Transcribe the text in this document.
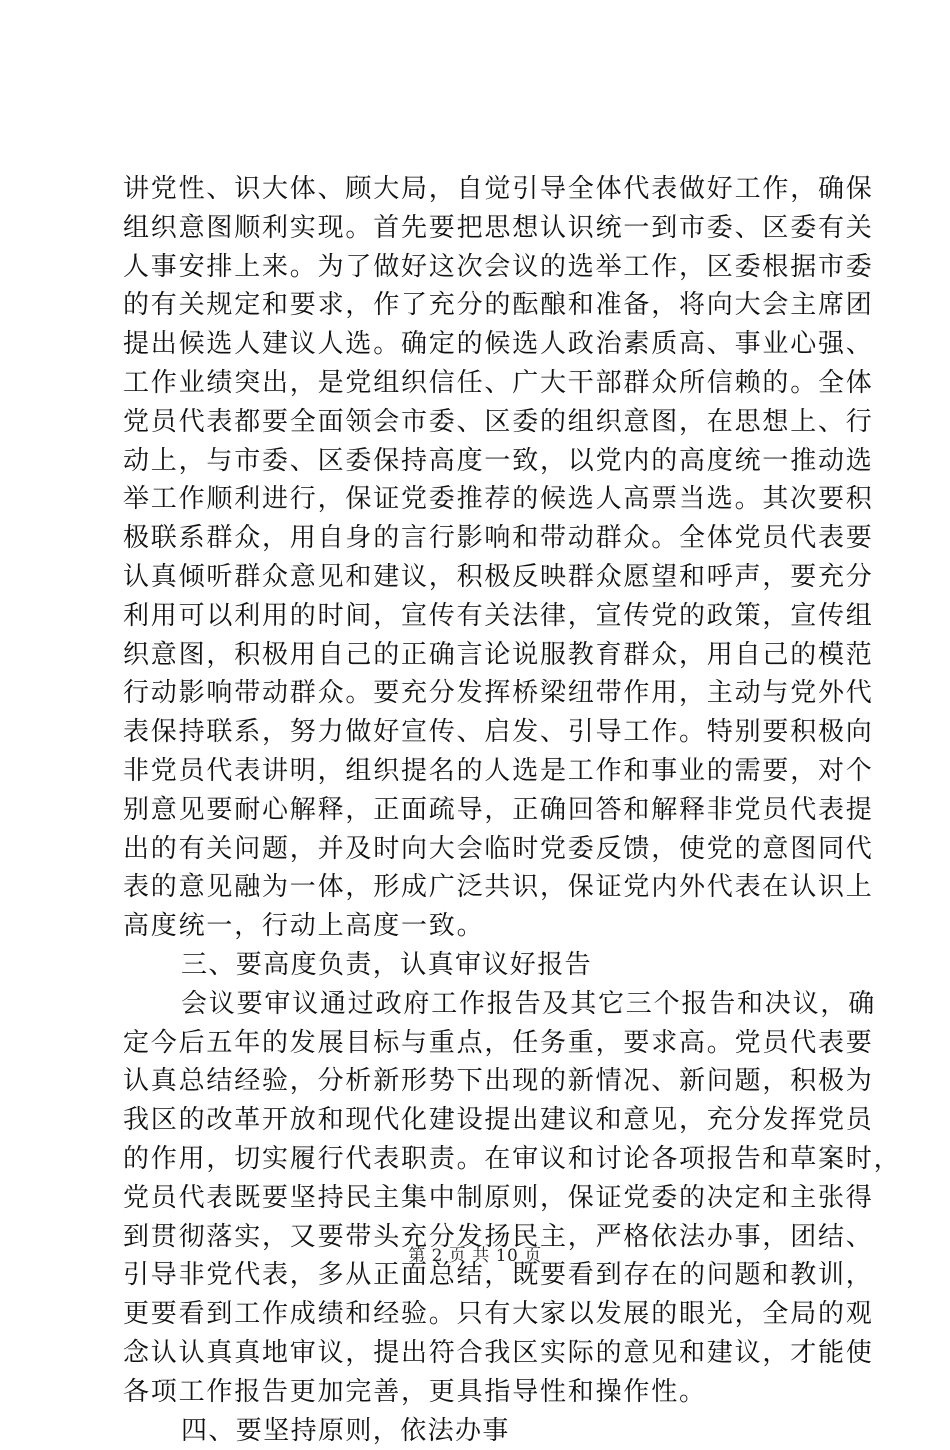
讲党性、识大体、顾大局，自觉引导全体代表做好工作，确保
组织意图顺利实现。首先要把思想认识统一到市委、区委有关
人事安排上来。为了做好这次会议的选举工作，区委根据市委
的有关规定和要求，作了充分的酝酿和准备，将向大会主席团
提出候选人建议人选。确定的候选人政治素质高、事业心强、
工作业绩突出，是党组织信任、广大干部群众所信赖的。全体
党员代表都要全面领会市委、区委的组织意图，在思想上、行
动上，与市委、区委保持高度一致，以党内的高度统一推动选
举工作顺利进行，保证党委推荐的候选人高票当选。其次要积
极联系群众，用自身的言行影响和带动群众。全体党员代表要
认真倾听群众意见和建议，积极反映群众愿望和呼声，要充分
利用可以利用的时间，宣传有关法律，宣传党的政策，宣传组
织意图，积极用自己的正确言论说服教育群众，用自己的模范
行动影响带动群众。要充分发挥桥梁纽带作用，主动与党外代
表保持联系，努力做好宣传、启发、引导工作。特别要积极向
非党员代表讲明，组织提名的人选是工作和事业的需要，对个
别意见要耐心解释，正面疏导，正确回答和解释非党员代表提
出的有关问题，并及时向大会临时党委反馈，使党的意图同代
表的意见融为一体，形成广泛共识，保证党内外代表在认识上
高度统一，行动上高度一致。
三、要高度负责，认真审议好报告
会议要审议通过政府工作报告及其它三个报告和决议，确
定今后五年的发展目标与重点，任务重，要求高。党员代表要
认真总结经验，分析新形势下出现的新情况、新问题，积极为
我区的改革开放和现代化建设提出建议和意见，充分发挥党员
的作用，切实履行代表职责。在审议和讨论各项报告和草案时，
党员代表既要坚持民主集中制原则，保证党委的决定和主张得
到贯彻落实，又要带头充分发扬民主，严格依法办事，团结、
引导非党代表，多从正面总结，既要看到存在的问题和教训，
更要看到工作成绩和经验。只有大家以发展的眼光，全局的观
念认认真真地审议，提出符合我区实际的意见和建议，才能使
各项工作报告更加完善，更具指导性和操作性。
四、要坚持原则，依法办事
第 2 页 共 10 页
